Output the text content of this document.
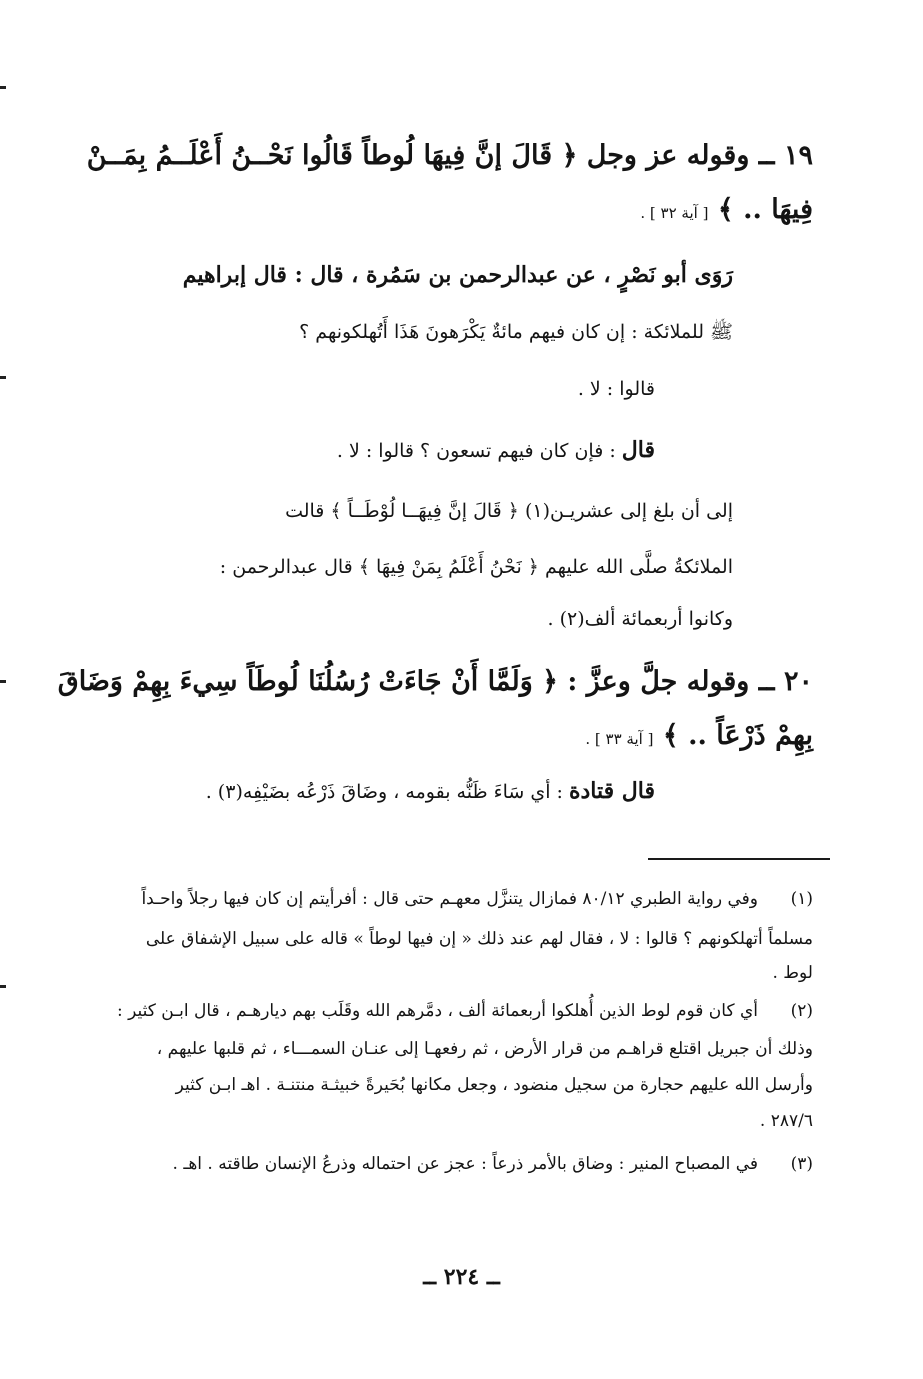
١٩ ــ وقوله عز وجل ﴿ قَالَ إنَّ فِيهَا لُوطاً قَالُوا نَحْــنُ أَعْلَــمُ بِمَــنْ
فِيهَا .. ﴾ [ آية ٣٢ ] .
رَوَى أبو نَصْرٍ ، عن عبدالرحمن بن سَمُرة ، قال : قال إبراهيم
ﷺ للملائكة : إن كان فيهم مائةٌ يَكْرَهونَ هَذَا أَتُهلكونهم ؟
قالوا : لا .
قال : فإن كان فيهم تسعون ؟ قالوا : لا .
إلى أن بلغ إلى عشريـن(١) ﴿ قَالَ إنَّ فِيهَــا لُوْطَــاً ﴾ قالت
الملائكةُ صلَّى الله عليهم ﴿ نَحْنُ أَعْلَمُ بِمَنْ فِيهَا ﴾ قال عبدالرحمن :
وكانوا أربعمائة ألف(٢) .
٢٠ ــ وقوله جلَّ وعزَّ : ﴿ وَلَمَّا أَنْ جَاءَتْ رُسُلُنَا لُوطَاً سِيءَ بِهِمْ وَضَاقَ
بِهِمْ ذَرْعَاً .. ﴾ [ آية ٣٣ ] .
قال قتادة : أي سَاءَ ظَنُّه بقومه ، وضَاقَ ذَرْعُه بضَيْفِه(٣) .
(١)
وفي رواية الطبري ٨٠/١٢ فمازال يتنزَّل معهـم حتى قال : أفرأيتم إن كان فيها رجلاً واحـداً
مسلماً أتهلكونهم ؟ قالوا : لا ، فقال لهم عند ذلك « إن فيها لوطاً » قاله على سبيل الإشفاق على
لوط .
(٢)
أي كان قوم لوط الذين أُهلكوا أربعمائة ألف ، دمَّرهم الله وقَلَب بهم ديارهـم ، قال ابـن كثير :
وذلك أن جبريل اقتلع قراهـم من قرار الأرض ، ثم رفعهـا إلى عنـان السمـــاء ، ثم قلبها عليهم ،
وأرسل الله عليهم حجارة من سجيل منضود ، وجعل مكانها بُحَيرةً خبيثـة منتنـة . اهـ ابـن كثير
٢٨٧/٦ .
(٣)
في المصباح المنير : وضاق بالأمر ذرعاً : عجز عن احتماله وذرعُ الإنسان طاقته . اهـ .
ــ ٢٢٤ ــ
